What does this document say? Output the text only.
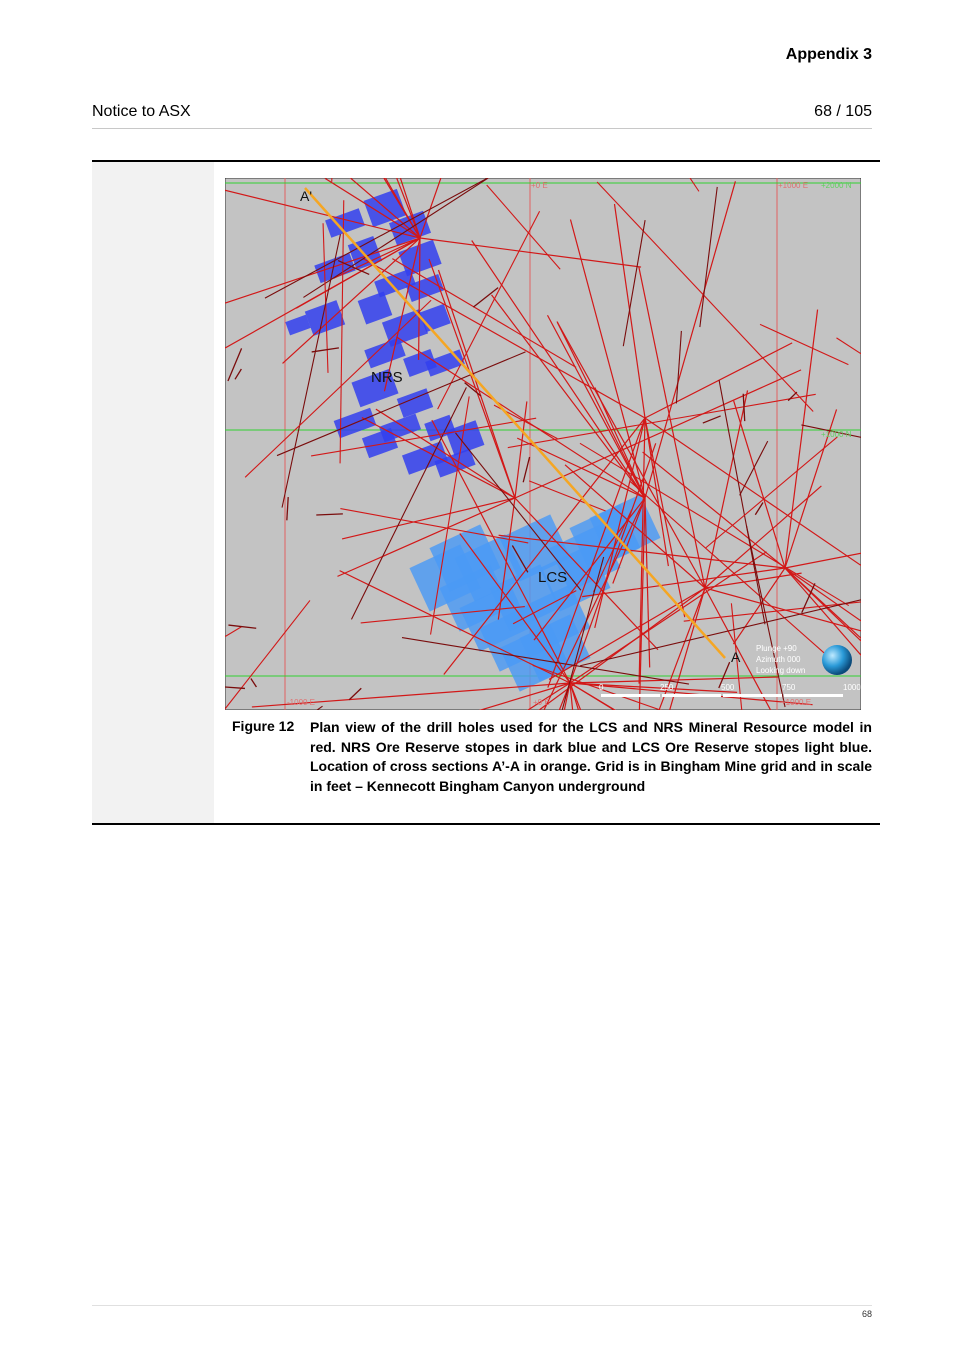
Appendix 3
Notice to ASX	68 / 105
A'
A
NRS
LCS
+0 E	+1000 E +2000 N
+1000 N
-1000 E	+0 E	+1000 E
Plunge +90
Azimuth 000
Looking down
0	250	500	750	1000
Figure 12 Plan view of the drill holes used for the LCS and NRS Mineral Resource model in red. NRS Ore Reserve stopes in dark blue and LCS Ore Reserve stopes light blue. Location of cross sections A’-A in orange. Grid is in Bingham Mine grid and in scale in feet – Kennecott Bingham Canyon underground
68
